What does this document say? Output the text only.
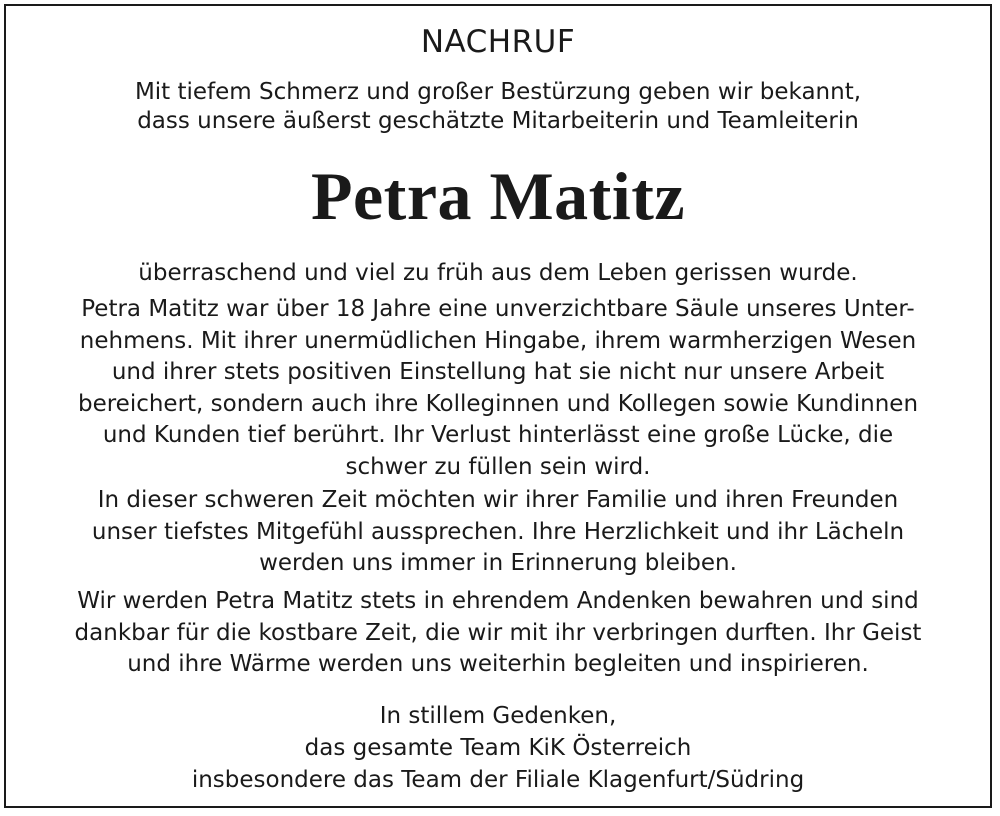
NACHRUF
Mit tiefem Schmerz und großer Bestürzung geben wir bekannt,
dass unsere äußerst geschätzte Mitarbeiterin und Teamleiterin
Petra Matitz
überraschend und viel zu früh aus dem Leben gerissen wurde.
Petra Matitz war über 18 Jahre eine unverzichtbare Säule unseres Unter-
nehmens. Mit ihrer unermüdlichen Hingabe, ihrem warmherzigen Wesen
und ihrer stets positiven Einstellung hat sie nicht nur unsere Arbeit
bereichert, sondern auch ihre Kolleginnen und Kollegen sowie Kundinnen
und Kunden tief berührt. Ihr Verlust hinterlässt eine große Lücke, die
schwer zu füllen sein wird.
In dieser schweren Zeit möchten wir ihrer Familie und ihren Freunden
unser tiefstes Mitgefühl aussprechen. Ihre Herzlichkeit und ihr Lächeln
werden uns immer in Erinnerung bleiben.
Wir werden Petra Matitz stets in ehrendem Andenken bewahren und sind
dankbar für die kostbare Zeit, die wir mit ihr verbringen durften. Ihr Geist
und ihre Wärme werden uns weiterhin begleiten und inspirieren.
In stillem Gedenken,
das gesamte Team KiK Österreich
insbesondere das Team der Filiale Klagenfurt/Südring
